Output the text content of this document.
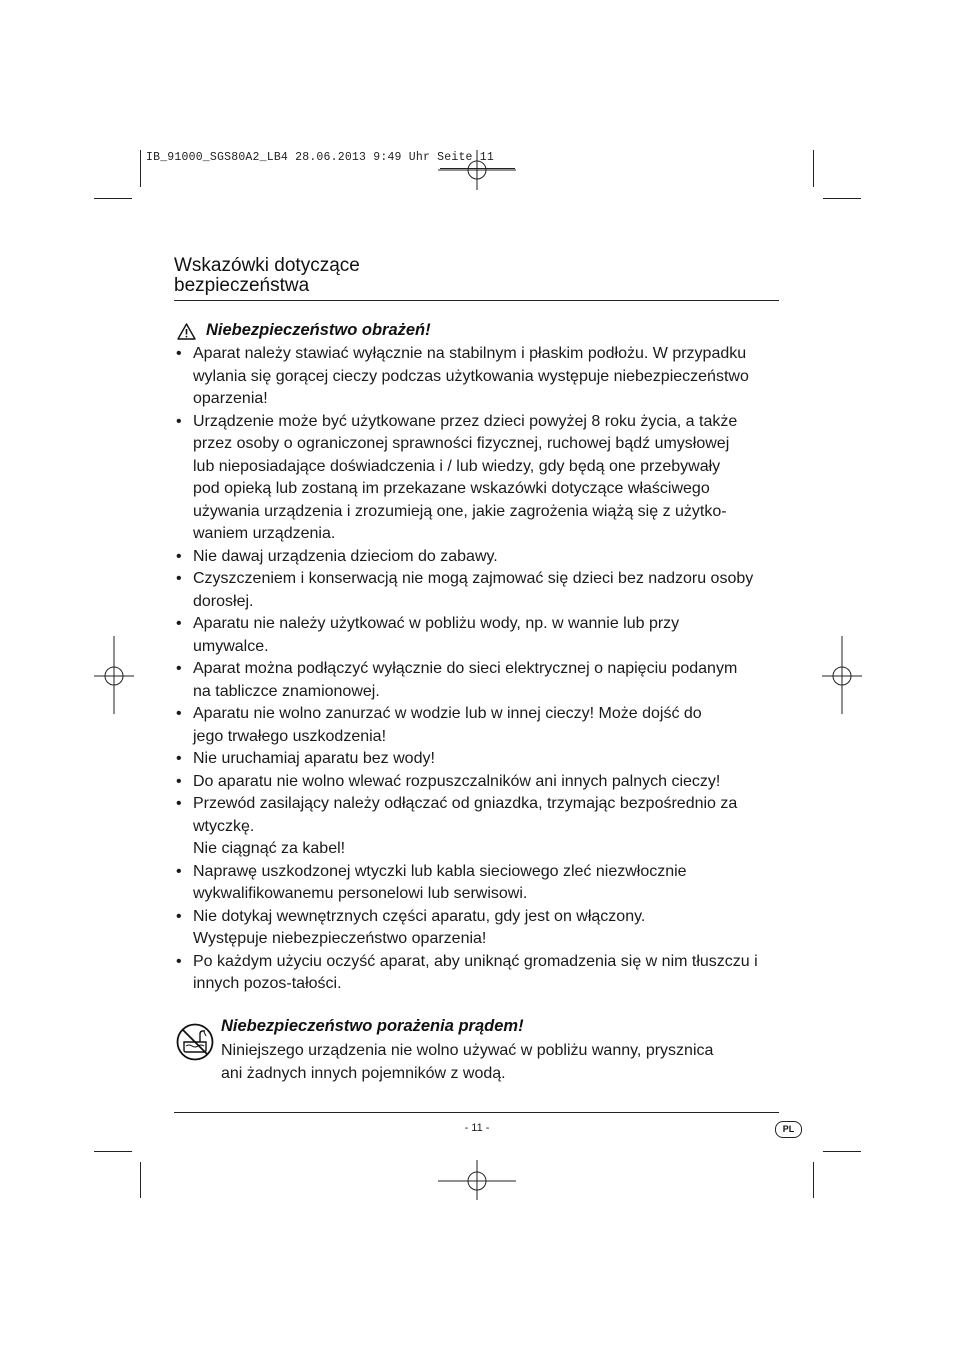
IB_91000_SGS80A2_LB4 28.06.2013 9:49 Uhr Seite 11
Wskazówki dotyczące
bezpieczeństwa
Niebezpieczeństwo obrażeń!
• Aparat należy stawiać wyłącznie na stabilnym i płaskim podłożu. W przypadku
wylania się gorącej cieczy podczas użytkowania występuje niebezpieczeństwo
oparzenia!
• Urządzenie może być użytkowane przez dzieci powyżej 8 roku życia, a także
przez osoby o ograniczonej sprawności fizycznej, ruchowej bądź umysłowej
lub nieposiadające doświadczenia i / lub wiedzy, gdy będą one przebywały
pod opieką lub zostaną im przekazane wskazówki dotyczące właściwego
używania urządzenia i zrozumieją one, jakie zagrożenia wiążą się z użytko-
waniem urządzenia.
• Nie dawaj urządzenia dzieciom do zabawy.
• Czyszczeniem i konserwacją nie mogą zajmować się dzieci bez nadzoru osoby
dorosłej.
• Aparatu nie należy użytkować w pobliżu wody, np. w wannie lub przy
umywalce.
• Aparat można podłączyć wyłącznie do sieci elektrycznej o napięciu podanym
na tabliczce znamionowej.
• Aparatu nie wolno zanurzać w wodzie lub w innej cieczy! Może dojść do
jego trwałego uszkodzenia!
• Nie uruchamiaj aparatu bez wody!
• Do aparatu nie wolno wlewać rozpuszczalników ani innych palnych cieczy!
• Przewód zasilający należy odłączać od gniazdka, trzymając bezpośrednio za
wtyczkę.
Nie ciągnąć za kabel!
• Naprawę uszkodzonej wtyczki lub kabla sieciowego zleć niezwłocznie
wykwalifikowanemu personelowi lub serwisowi.
• Nie dotykaj wewnętrznych części aparatu, gdy jest on włączony.
Występuje niebezpieczeństwo oparzenia!
• Po każdym użyciu oczyść aparat, aby uniknąć gromadzenia się w nim tłuszczu i
innych pozos-tałości.
Niebezpieczeństwo porażenia prądem!
Niniejszego urządzenia nie wolno używać w pobliżu wanny, prysznica
ani żadnych innych pojemników z wodą.
- 11 -	PL
